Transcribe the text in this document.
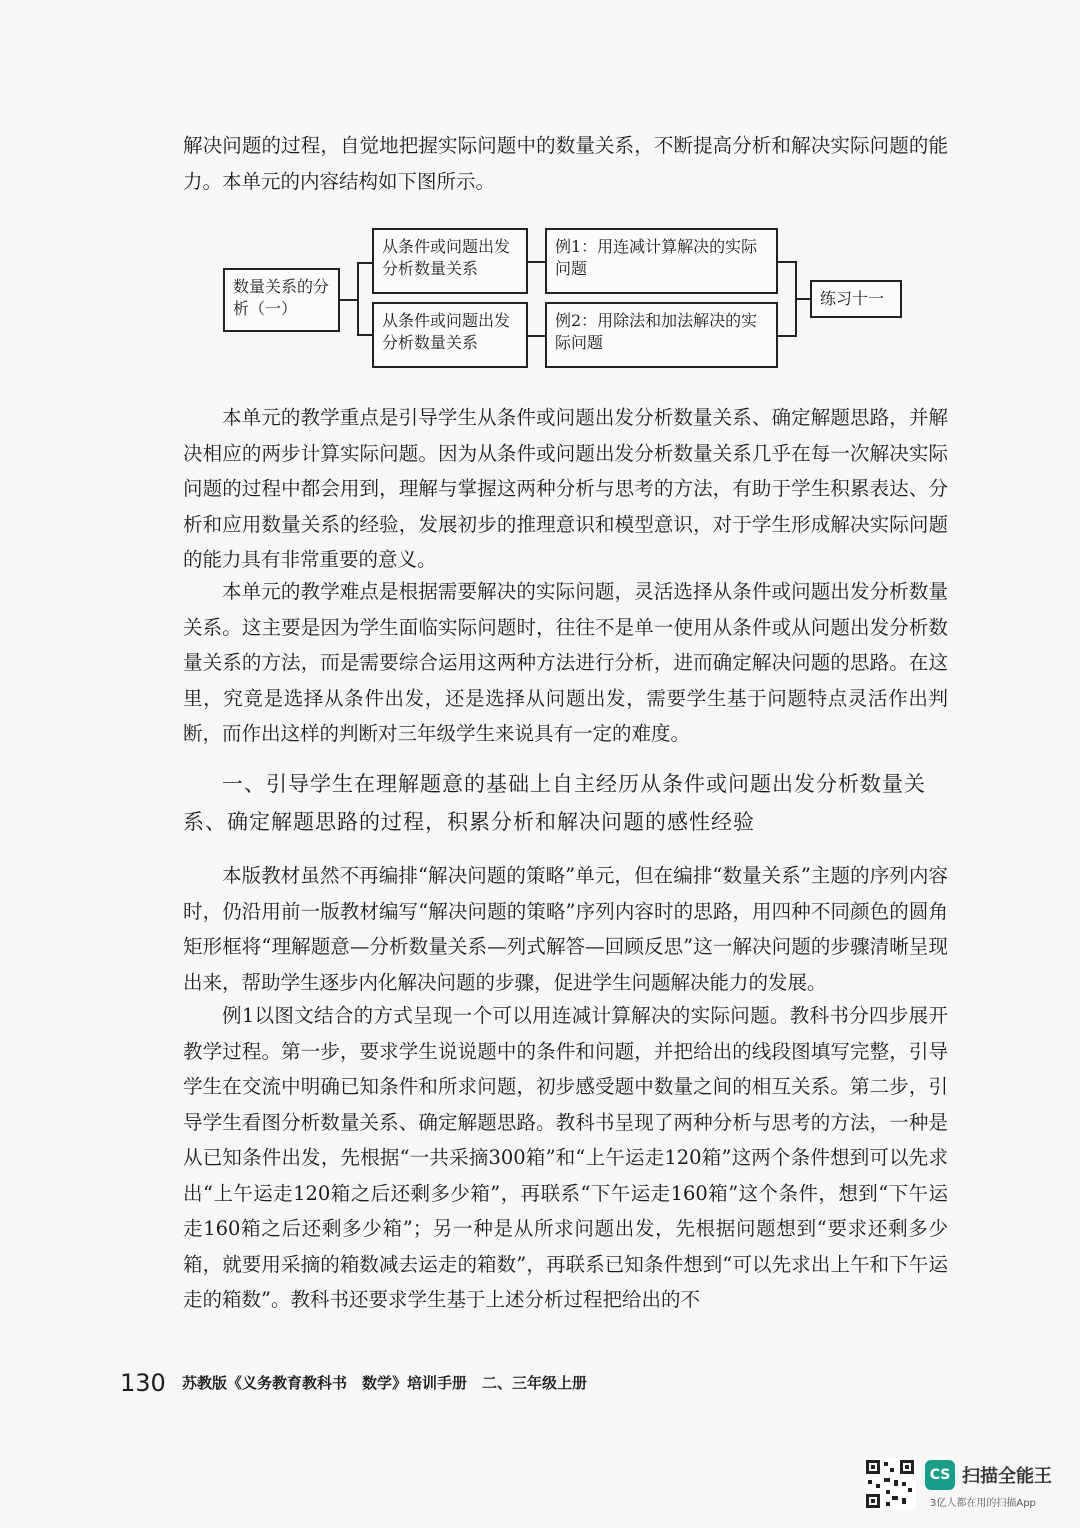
解决问题的过程，自觉地把握实际问题中的数量关系，不断提高分析和解决实际问题的能力。本单元的内容结构如下图所示。

数量关系的分析（一）
从条件或问题出发分析数量关系
从条件或问题出发分析数量关系
例1：用连减计算解决的实际问题
例2：用除法和加法解决的实际问题
练习十一

本单元的教学重点是引导学生从条件或问题出发分析数量关系、确定解题思路，并解决相应的两步计算实际问题。因为从条件或问题出发分析数量关系几乎在每一次解决实际问题的过程中都会用到，理解与掌握这两种分析与思考的方法，有助于学生积累表达、分析和应用数量关系的经验，发展初步的推理意识和模型意识，对于学生形成解决实际问题的能力具有非常重要的意义。

本单元的教学难点是根据需要解决的实际问题，灵活选择从条件或问题出发分析数量关系。这主要是因为学生面临实际问题时，往往不是单一使用从条件或从问题出发分析数量关系的方法，而是需要综合运用这两种方法进行分析，进而确定解决问题的思路。在这里，究竟是选择从条件出发，还是选择从问题出发，需要学生基于问题特点灵活作出判断，而作出这样的判断对三年级学生来说具有一定的难度。

一、引导学生在理解题意的基础上自主经历从条件或问题出发分析数量关系、确定解题思路的过程，积累分析和解决问题的感性经验

本版教材虽然不再编排“解决问题的策略”单元，但在编排“数量关系”主题的序列内容时，仍沿用前一版教材编写“解决问题的策略”序列内容时的思路，用四种不同颜色的圆角矩形框将“理解题意—分析数量关系—列式解答—回顾反思”这一解决问题的步骤清晰呈现出来，帮助学生逐步内化解决问题的步骤，促进学生问题解决能力的发展。

例1以图文结合的方式呈现一个可以用连减计算解决的实际问题。教科书分四步展开教学过程。第一步，要求学生说说题中的条件和问题，并把给出的线段图填写完整，引导学生在交流中明确已知条件和所求问题，初步感受题中数量之间的相互关系。第二步，引导学生看图分析数量关系、确定解题思路。教科书呈现了两种分析与思考的方法，一种是从已知条件出发，先根据“一共采摘300箱”和“上午运走120箱”这两个条件想到可以先求出“上午运走120箱之后还剩多少箱”，再联系“下午运走160箱”这个条件，想到“下午运走160箱之后还剩多少箱”；另一种是从所求问题出发，先根据问题想到“要求还剩多少箱，就要用采摘的箱数减去运走的箱数”，再联系已知条件想到“可以先求出上午和下午运走的箱数”。教科书还要求学生基于上述分析过程把给出的不

130 苏教版《义务教育教科书　数学》培训手册　二、三年级上册
CS 扫描全能王
3亿人都在用的扫描App
